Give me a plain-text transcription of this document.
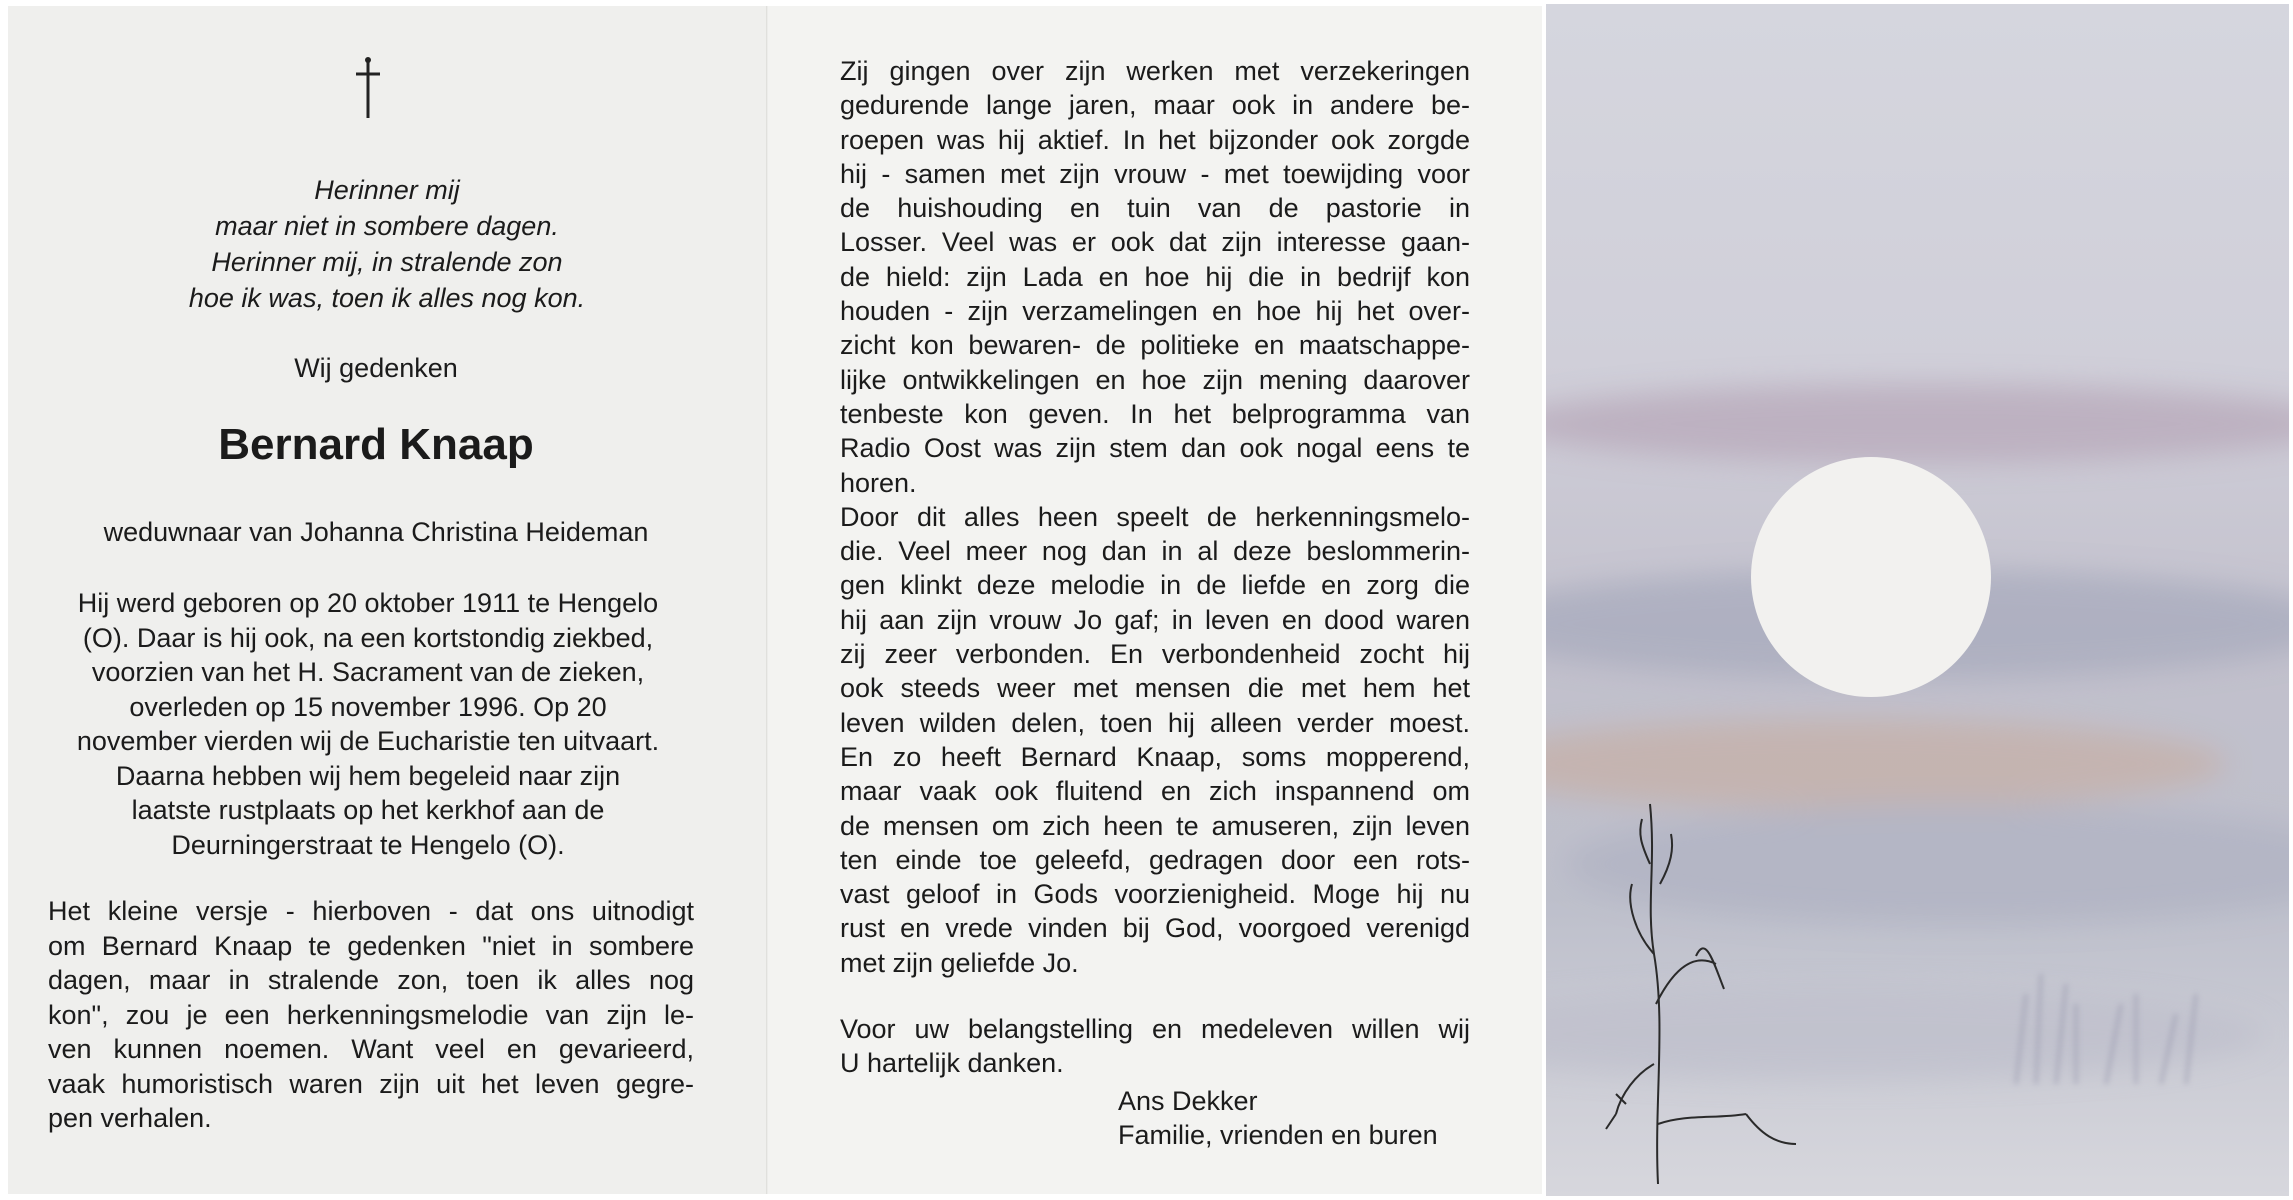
Herinner mij
maar niet in sombere dagen.
Herinner mij, in stralende zon
hoe ik was, toen ik alles nog kon.
Wij gedenken
Bernard Knaap
weduwnaar van Johanna Christina Heideman
Hij werd geboren op 20 oktober 1911 te Hengelo
(O). Daar is hij ook, na een kortstondig ziekbed,
voorzien van het H. Sacrament van de zieken,
overleden op 15 november 1996. Op 20
november vierden wij de Eucharistie ten uitvaart.
Daarna hebben wij hem begeleid naar zijn
laatste rustplaats op het kerkhof aan de
Deurningerstraat te Hengelo (O).
Het kleine versje - hierboven - dat ons uitnodigt
om Bernard Knaap te gedenken "niet in sombere
dagen, maar in stralende zon, toen ik alles nog
kon", zou je een herkenningsmelodie van zijn le-
ven kunnen noemen. Want veel en gevarieerd,
vaak humoristisch waren zijn uit het leven gegre-
pen verhalen.
Zij gingen over zijn werken met verzekeringen
gedurende lange jaren, maar ook in andere be-
roepen was hij aktief. In het bijzonder ook zorgde
hij - samen met zijn vrouw - met toewijding voor
de huishouding en tuin van de pastorie in
Losser. Veel was er ook dat zijn interesse gaan-
de hield: zijn Lada en hoe hij die in bedrijf kon
houden - zijn verzamelingen en hoe hij het over-
zicht kon bewaren- de politieke en maatschappe-
lijke ontwikkelingen en hoe zijn mening daarover
tenbeste kon geven. In het belprogramma van
Radio Oost was zijn stem dan ook nogal eens te
horen.
Door dit alles heen speelt de herkenningsmelo-
die. Veel meer nog dan in al deze beslommerin-
gen klinkt deze melodie in de liefde en zorg die
hij aan zijn vrouw Jo gaf; in leven en dood waren
zij zeer verbonden. En verbondenheid zocht hij
ook steeds weer met mensen die met hem het
leven wilden delen, toen hij alleen verder moest.
En zo heeft Bernard Knaap, soms mopperend,
maar vaak ook fluitend en zich inspannend om
de mensen om zich heen te amuseren, zijn leven
ten einde toe geleefd, gedragen door een rots-
vast geloof in Gods voorzienigheid. Moge hij nu
rust en vrede vinden bij God, voorgoed verenigd
met zijn geliefde Jo.
Voor uw belangstelling en medeleven willen wij
U hartelijk danken.
Ans Dekker
Familie, vrienden en buren
